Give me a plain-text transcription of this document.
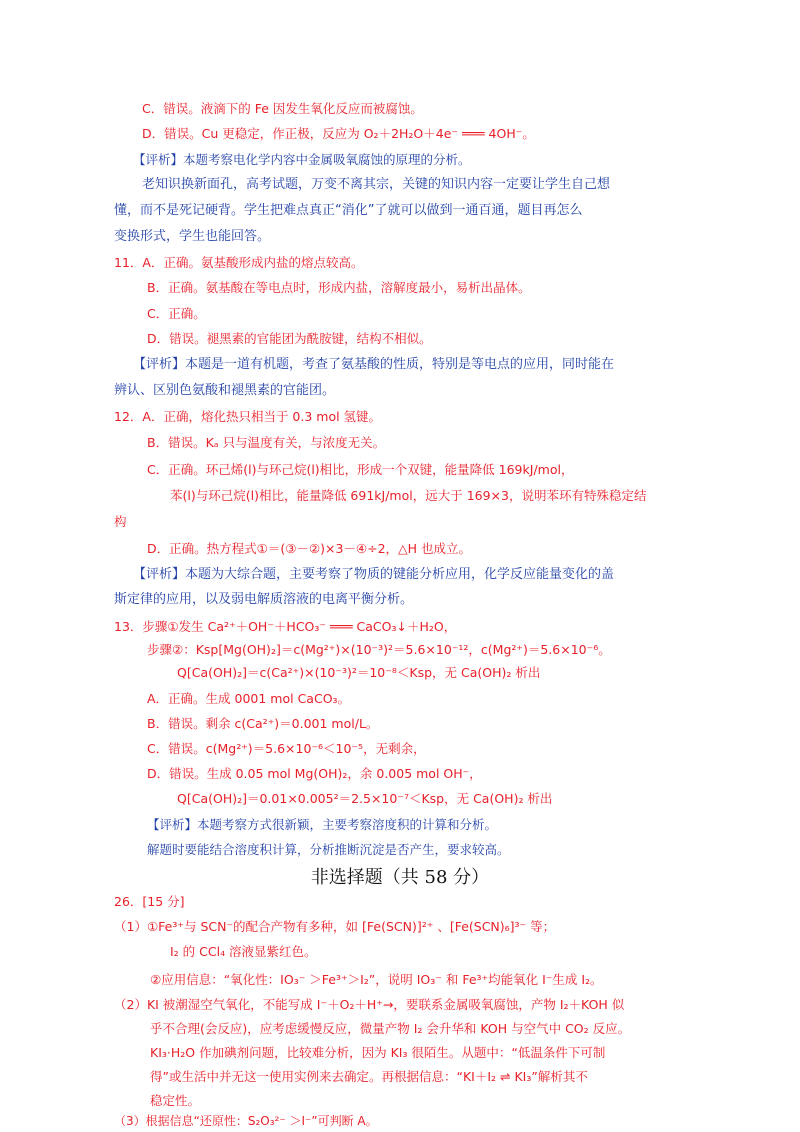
C．错误。液滴下的 Fe 因发生氧化反应而被腐蚀。
D．错误。Cu 更稳定，作正极，反应为 O₂＋2H₂O＋4e⁻ ═══ 4OH⁻。
【评析】本题考察电化学内容中金属吸氧腐蚀的原理的分析。
老知识换新面孔，高考试题，万变不离其宗，关键的知识内容一定要让学生自己想
懂，而不是死记硬背。学生把难点真正“消化”了就可以做到一通百通，题目再怎么
变换形式，学生也能回答。
11．A．正确。氨基酸形成内盐的熔点较高。
B．正确。氨基酸在等电点时，形成内盐，溶解度最小，易析出晶体。
C．正确。
D．错误。褪黑素的官能团为酰胺键，结构不相似。
【评析】本题是一道有机题，考查了氨基酸的性质，特别是等电点的应用，同时能在
辨认、区别色氨酸和褪黑素的官能团。
12．A．正确，熔化热只相当于 0.3 mol 氢键。
B．错误。Kₐ 只与温度有关，与浓度无关。
C．正确。环己烯(l)与环己烷(l)相比，形成一个双键，能量降低 169kJ/mol，
苯(l)与环己烷(l)相比，能量降低 691kJ/mol，远大于 169×3，说明苯环有特殊稳定结
构
D．正确。热方程式①＝(③－②)×3－④÷2，△H 也成立。
【评析】本题为大综合题，主要考察了物质的键能分析应用，化学反应能量变化的盖
斯定律的应用，以及弱电解质溶液的电离平衡分析。
13．步骤①发生 Ca²⁺＋OH⁻＋HCO₃⁻ ═══ CaCO₃↓＋H₂O，
步骤②：Ksp[Mg(OH)₂]＝c(Mg²⁺)×(10⁻³)²＝5.6×10⁻¹²，c(Mg²⁺)＝5.6×10⁻⁶。
Q[Ca(OH)₂]＝c(Ca²⁺)×(10⁻³)²＝10⁻⁸＜Ksp，无 Ca(OH)₂ 析出
A．正确。生成 0001 mol CaCO₃。
B．错误。剩余 c(Ca²⁺)＝0.001 mol/L。
C．错误。c(Mg²⁺)＝5.6×10⁻⁶＜10⁻⁵，无剩余，
D．错误。生成 0.05 mol Mg(OH)₂，余 0.005 mol OH⁻，
Q[Ca(OH)₂]＝0.01×0.005²＝2.5×10⁻⁷＜Ksp，无 Ca(OH)₂ 析出
【评析】本题考察方式很新颖，主要考察溶度积的计算和分析。
解题时要能结合溶度积计算，分析推断沉淀是否产生，要求较高。
非选择题（共 58 分）
26．[15 分]
（1）①Fe³⁺与 SCN⁻的配合产物有多种，如 [Fe(SCN)]²⁺ 、[Fe(SCN)₆]³⁻ 等；
I₂ 的 CCl₄ 溶液显紫红色。
②应用信息：“氧化性：IO₃⁻ ＞Fe³⁺＞I₂”，说明 IO₃⁻ 和 Fe³⁺均能氧化 I⁻生成 I₂。
（2）KI 被潮湿空气氧化，不能写成 I⁻＋O₂＋H⁺→，要联系金属吸氧腐蚀，产物 I₂＋KOH 似
乎不合理(会反应)，应考虑缓慢反应，微量产物 I₂ 会升华和 KOH 与空气中 CO₂ 反应。
KI₃·H₂O 作加碘剂问题，比较难分析，因为 KI₃ 很陌生。从题中：“低温条件下可制
得”或生活中并无这一使用实例来去确定。再根据信息：“KI＋I₂ ⇌ KI₃”解析其不
稳定性。
（3）根据信息“还原性：S₂O₃²⁻ ＞I⁻”可判断 A。
